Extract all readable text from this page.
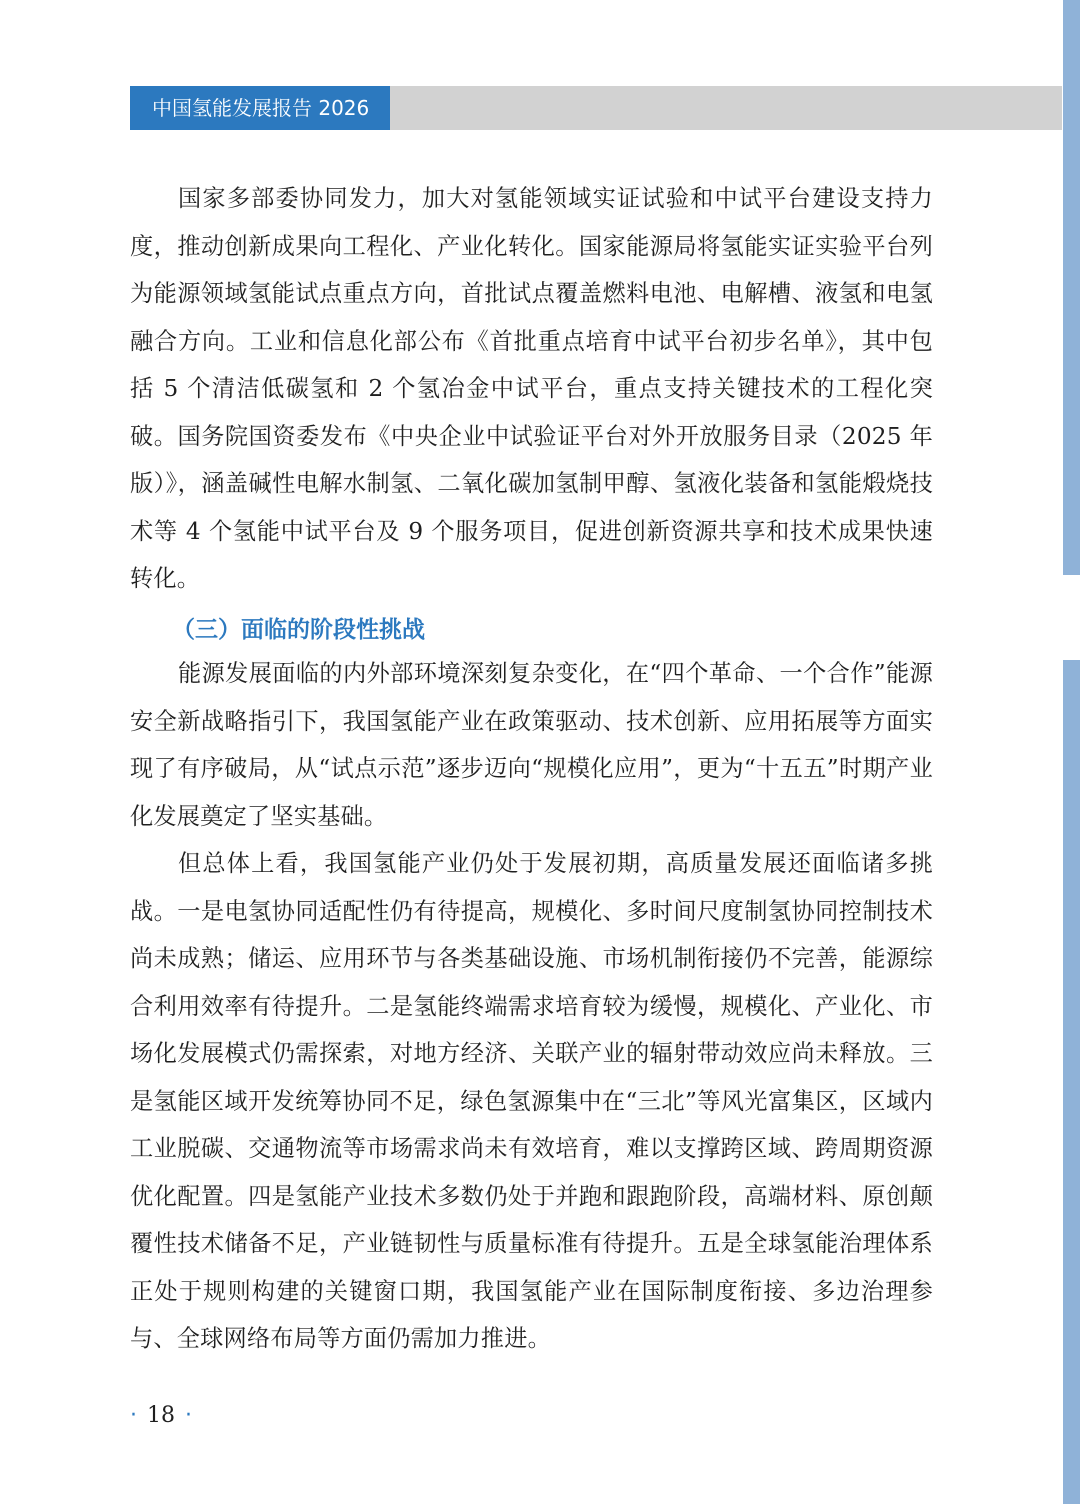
中国氢能发展报告 2026

国家多部委协同发力，加大对氢能领域实证试验和中试平台建设支持力度，推动创新成果向工程化、产业化转化。国家能源局将氢能实证实验平台列为能源领域氢能试点重点方向，首批试点覆盖燃料电池、电解槽、液氢和电氢融合方向。工业和信息化部公布《首批重点培育中试平台初步名单》，其中包括 5 个清洁低碳氢和 2 个氢冶金中试平台，重点支持关键技术的工程化突破。国务院国资委发布《中央企业中试验证平台对外开放服务目录（2025 年版）》，涵盖碱性电解水制氢、二氧化碳加氢制甲醇、氢液化装备和氢能煅烧技术等 4 个氢能中试平台及 9 个服务项目，促进创新资源共享和技术成果快速转化。

（三）面临的阶段性挑战

能源发展面临的内外部环境深刻复杂变化，在“四个革命、一个合作”能源安全新战略指引下，我国氢能产业在政策驱动、技术创新、应用拓展等方面实现了有序破局，从“试点示范”逐步迈向“规模化应用”，更为“十五五”时期产业化发展奠定了坚实基础。

但总体上看，我国氢能产业仍处于发展初期，高质量发展还面临诸多挑战。一是电氢协同适配性仍有待提高，规模化、多时间尺度制氢协同控制技术尚未成熟；储运、应用环节与各类基础设施、市场机制衔接仍不完善，能源综合利用效率有待提升。二是氢能终端需求培育较为缓慢，规模化、产业化、市场化发展模式仍需探索，对地方经济、关联产业的辐射带动效应尚未释放。三是氢能区域开发统筹协同不足，绿色氢源集中在“三北”等风光富集区，区域内工业脱碳、交通物流等市场需求尚未有效培育，难以支撑跨区域、跨周期资源优化配置。四是氢能产业技术多数仍处于并跑和跟跑阶段，高端材料、原创颠覆性技术储备不足，产业链韧性与质量标准有待提升。五是全球氢能治理体系正处于规则构建的关键窗口期，我国氢能产业在国际制度衔接、多边治理参与、全球网络布局等方面仍需加力推进。

· 18 ·
